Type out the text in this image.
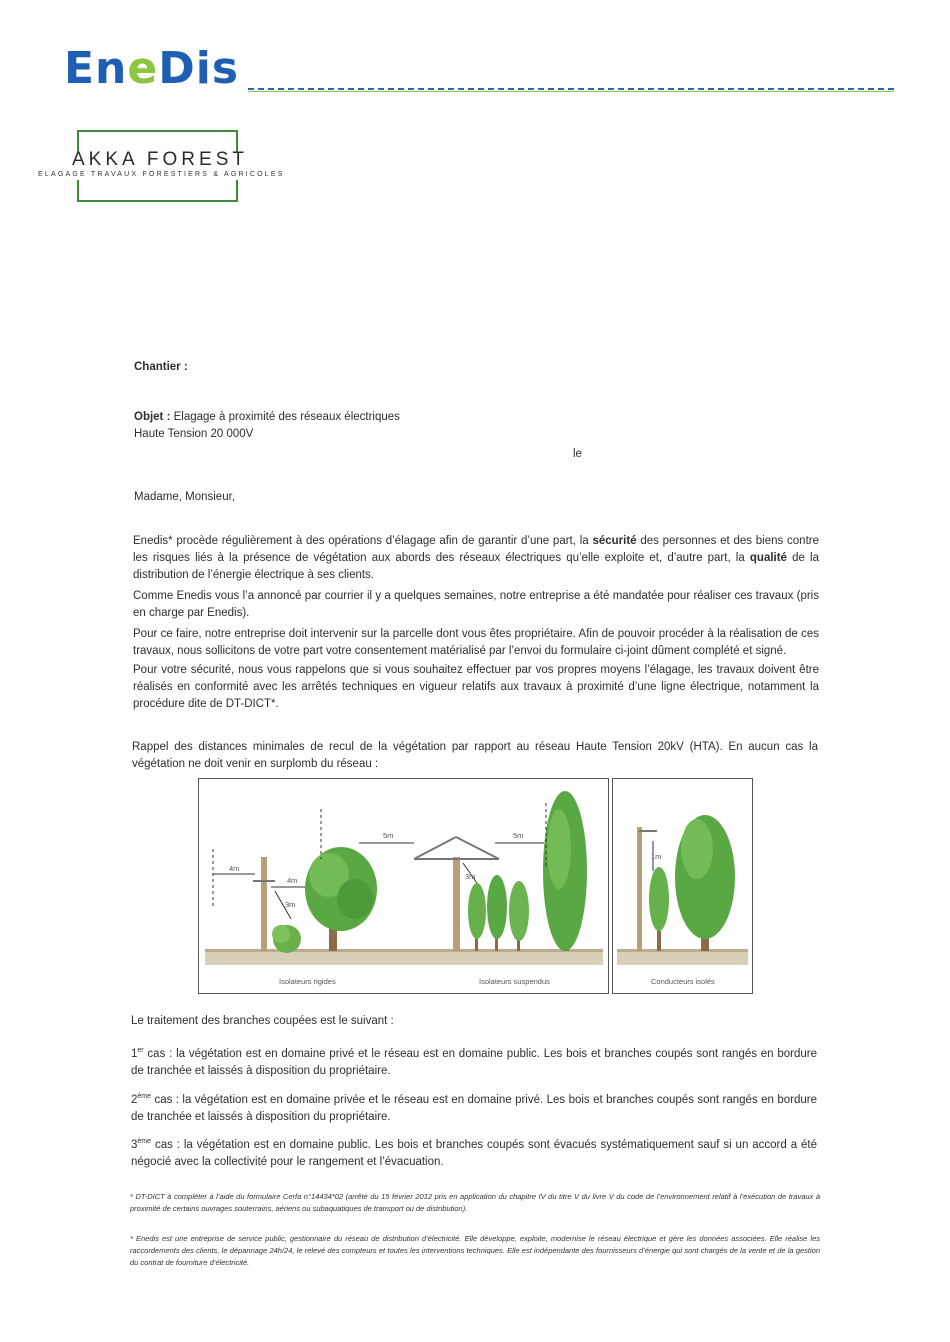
EneDis
AKKA FOREST
ELAGAGE TRAVAUX FORESTIERS & AGRICOLES
Chantier :
Objet : Elagage à proximité des réseaux électriques
Haute Tension 20 000V
le
Madame, Monsieur,
Enedis* procède régulièrement à des opérations d’élagage afin de garantir d’une part, la sécurité des personnes et des biens contre les risques liés à la présence de végétation aux abords des réseaux électriques qu’elle exploite et, d’autre part, la qualité de la distribution de l’énergie électrique à ses clients.
Comme Enedis vous l’a annoncé par courrier il y a quelques semaines, notre entreprise a été mandatée pour réaliser ces travaux (pris en charge par Enedis).
Pour ce faire, notre entreprise doit intervenir sur la parcelle dont vous êtes propriétaire. Afin de pouvoir procéder à la réalisation de ces travaux, nous sollicitons de votre part votre consentement matérialisé par l’envoi du formulaire ci-joint dûment complété et signé.
Pour votre sécurité, nous vous rappelons que si vous souhaitez effectuer par vos propres moyens l’élagage, les travaux doivent être réalisés en conformité avec les arrêtés techniques en vigueur relatifs aux travaux à proximité d’une ligne électrique, notamment la procédure dite de DT-DICT*.
Rappel des distances minimales de recul de la végétation par rapport au réseau Haute Tension 20kV (HTA). En aucun cas la végétation ne doit venir en surplomb du réseau :
4m
4m
3m
5m	5m
3m
Isolateurs rigides	Isolateurs suspendus
1m
Conducteurs isolés
Le traitement des branches coupées est le suivant :
1er cas : la végétation est en domaine privé et le réseau est en domaine public. Les bois et branches coupés sont rangés en bordure de tranchée et laissés à disposition du propriétaire.
2ème cas : la végétation est en domaine privée et le réseau est en domaine privé. Les bois et branches coupés sont rangés en bordure de tranchée et laissés à disposition du propriétaire.
3ème cas : la végétation est en domaine public. Les bois et branches coupés sont évacués systématiquement sauf si un accord a été négocié avec la collectivité pour le rangement et l’évacuation.
* DT-DICT à compléter à l’aide du formulaire Cerfa n°14434*02 (arrêté du 15 février 2012 pris en application du chapitre IV du titre V du livre V du code de l’environnement relatif à l’exécution de travaux à proximité de certains ouvrages souterrains, aériens ou subaquatiques de transport ou de distribution).
* Enedis est une entreprise de service public, gestionnaire du réseau de distribution d’électricité. Elle développe, exploite, modernise le réseau électrique et gère les données associées. Elle réalise les raccordements des clients, le dépannage 24h/24, le relevé des compteurs et toutes les interventions techniques. Elle est indépendante des fournisseurs d’énergie qui sont chargés de la vente et de la gestion du contrat de fourniture d’électricité.
